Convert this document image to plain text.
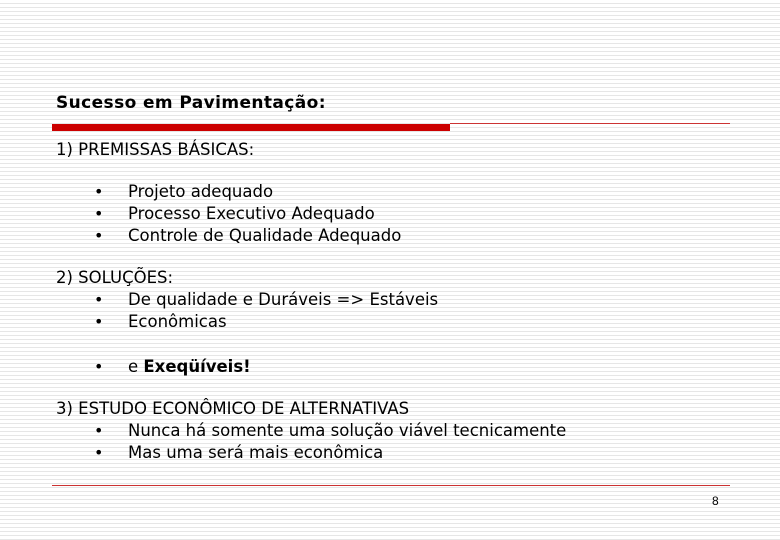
Sucesso em Pavimentação:
1) PREMISSAS BÁSICAS:
• Projeto adequado
• Processo Executivo Adequado
• Controle de Qualidade Adequado
2) SOLUÇÕES:
• De qualidade e Duráveis => Estáveis
• Econômicas
• e Exeqüíveis!
3) ESTUDO ECONÔMICO DE ALTERNATIVAS
• Nunca há somente uma solução viável tecnicamente
• Mas uma será mais econômica
8
